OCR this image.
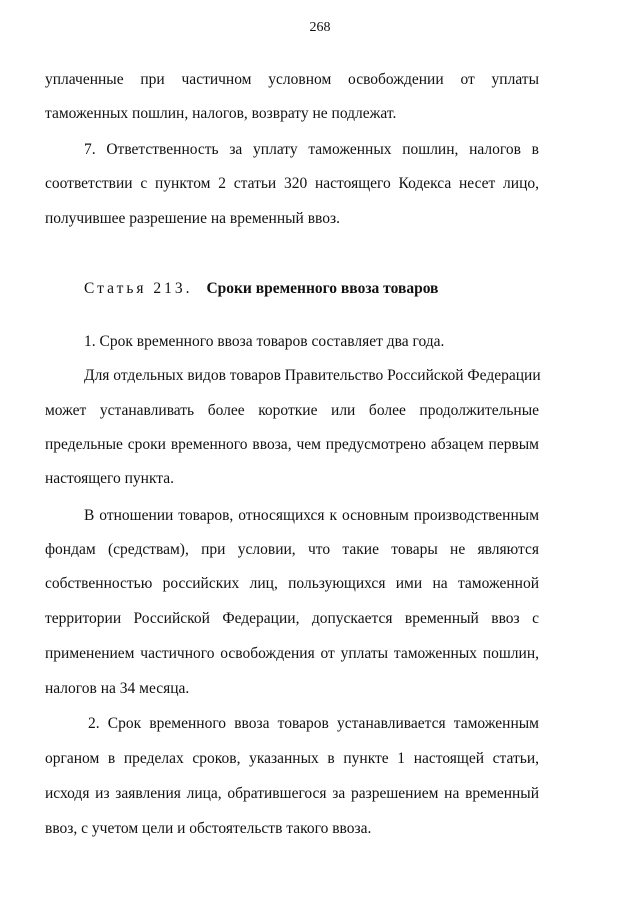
268
Статья 213. Сроки временного ввоза товаров
уплаченные при частичном условном освобождении от уплаты
таможенных пошлин, налогов, возврату не подлежат.
7. Ответственность за уплату таможенных пошлин, налогов в
соответствии с пунктом 2 статьи 320 настоящего Кодекса несет лицо,
получившее разрешение на временный ввоз.
1. Срок временного ввоза товаров составляет два года.
Для отдельных видов товаров Правительство Российской Федерации
может устанавливать более короткие или более продолжительные
предельные сроки временного ввоза, чем предусмотрено абзацем первым
настоящего пункта.
В отношении товаров, относящихся к основным производственным
фондам (средствам), при условии, что такие товары не являются
собственностью российских лиц, пользующихся ими на таможенной
территории Российской Федерации, допускается временный ввоз с
применением частичного освобождения от уплаты таможенных пошлин,
налогов на 34 месяца.
2. Срок временного ввоза товаров устанавливается таможенным
органом в пределах сроков, указанных в пункте 1 настоящей статьи,
исходя из заявления лица, обратившегося за разрешением на временный
ввоз, с учетом цели и обстоятельств такого ввоза.
